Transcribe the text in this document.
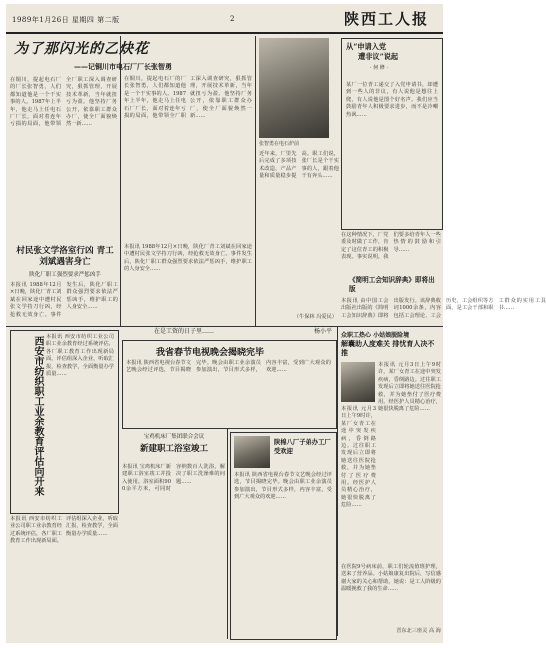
1989年1月26日 星期四 第二版	2	陕西工人报
为了那闪光的乙炔花
——记铜川市电石厂厂长张智勇
在铜川，提起电石厂的厂长张智勇，人们都知道他是一个干实事的人。1987年上半年，他走马上任电石厂厂长，面对着连年亏损的局面，他带领全厂职工深入调查研究，狠抓管理，开展技术革新，当年就扭亏为盈。他坚持厂务公开，依靠职工群众办厂，使全厂面貌焕然一新……
在铜川，提起电石厂的厂长张智勇，人们都知道他是一个干实事的人。1987年上半年，他走马上任电石厂厂长，面对着连年亏损的局面，他带领全厂职工深入调查研究，狠抓管理，开展技术革新，当年就扭亏为盈。他坚持厂务公开，依靠职工群众办厂，使全厂面貌焕然一新……
村民张文学洛室行凶 青工刘斌遇害身亡
陕化厂职工强烈要求严惩凶手
本报讯 1988年12月×日晚，陕化厂青工刘斌在回家途中遭村民张文学持刀行凶，经抢救无效身亡。事件发生后，陕化厂职工群众强烈要求依法严惩凶手，维护职工的人身安全……
本报讯 1988年12月×日晚，陕化厂青工刘斌在回家途中遭村民张文学持刀行凶，经抢救无效身亡。事件发生后，陕化厂职工群众强烈要求依法严惩凶手，维护职工的人身安全……
西安市纺织职工业余教育评估向开来 本报讯 西安市纺织工业公司职工业余教育经过系统评估，各厂职工教育工作出现新局面。评估组深入企业，听取汇报，检查教学，全面衡量办学质量……
张智勇在电石炉前
近年来，厂里先后完成了多项技术改造，产品产量和质量稳步提高。职工们说，张厂长是个干实事的人，跟着他干有奔头……
（牛保林 冯爱民）
从“申请入党
遭非议”说起
· 何 修 ·
某厂一位青工递交了入党申请书，却遭到一些人的非议，有人说他是想往上爬，有人说他是图个好名声。我们应当鼓励青年人积极要求进步，而不是冷嘲热讽……
在这种情况下，厂党委及时做了工作，肯定了这位青工的积极表现。事实说明，我们要多给青年人一些热情的鼓励和引导……
《简明工会知识辞典》即将出版
本报讯 由中国工会出版社出版的《简明工会知识辞典》即将出版发行。该辞典收词1000余条，内容包括工会理论、工会历史、工会组织等方面，是工会干部和职工群众的实用工具书……
在是工资的日子里……	杨小平
我省春节电视晚会揭晓完毕
本报讯 陕西省电视台春节文艺晚会经过评选，节目揭晓完毕。晚会由职工业余演员参加演出，节目形式多样，内容丰富，受到广大观众的欢迎……
宝鸡机床厂集团联合会议
新建职工浴室竣工
本报讯 宝鸡机床厂新建职工浴室竣工并投入使用。浴室面积900余平方米，可同时容纳数百人洗浴，解决了职工洗澡难的问题……
陕棉八厂子弟办工厂受欢迎
本报讯 陕西省电视台春节文艺晚会经过评选，节目揭晓完毕。晚会由职工业余演员参加演出，节目形式多样，内容丰富，受到广大观众的欢迎……
本报讯 西安市纺织工业公司职工业余教育经过系统评估，各厂职工教育工作出现新局面。评估组深入企业，听取汇报，检查教学，全面衡量办学质量……
众职工热心 小姑娘脱险境
解囊助人度难关 排忧育人决不推
本报讯 元月3日上午9时许，某厂女青工在途中突发疾病，昏倒路边。过往职工发现后立即将她送往医院抢救，并为她垫付了医疗费用。经医护人员精心治疗，她很快脱离了危险……
本报讯 元月3日上午9时许，某厂女青工在途中突发疾病，昏倒路边。过往职工发现后立即将她送往医院抢救，并为她垫付了医疗费用。经医护人员精心治疗，她很快脱离了危险……
在医院9号病床前，职工们轮流值班护理，送来了营养品。小姑娘康复出院后，写信感谢大家的关心和帮助。她说：是工人阶级的温暖挽救了我的生命……
晋东北三座灵 高 海
